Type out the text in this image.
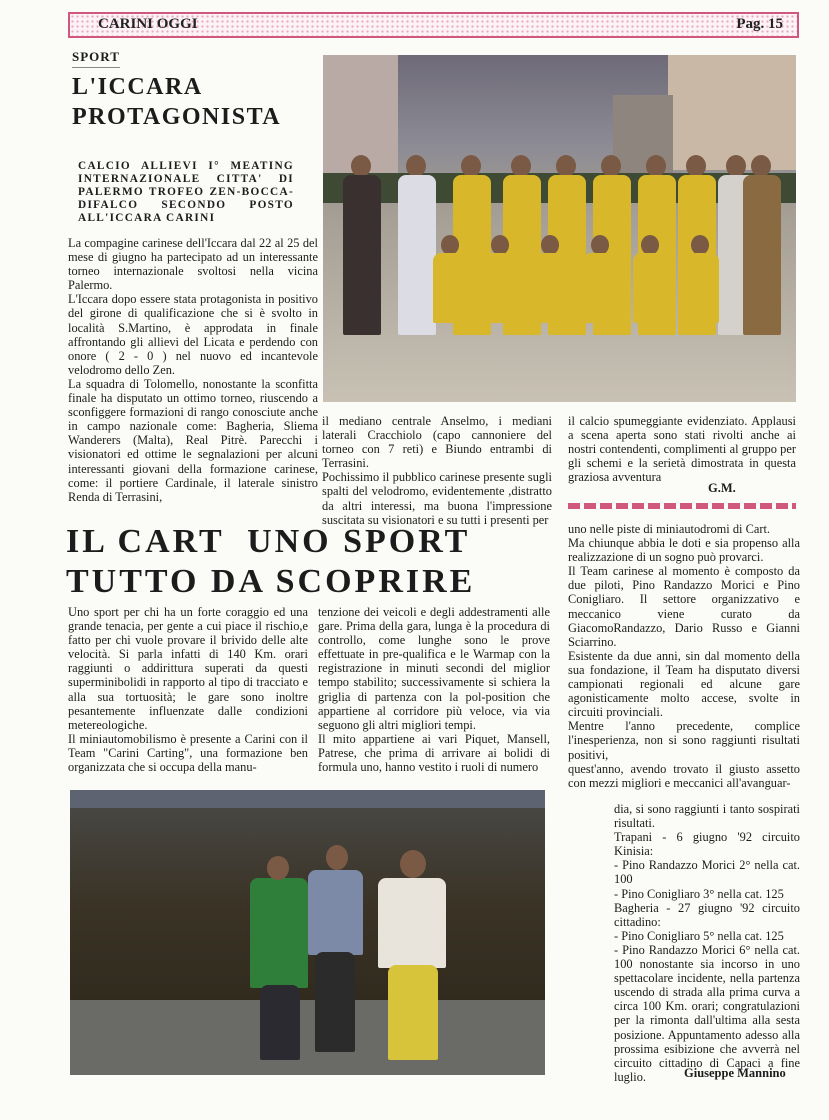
CARINI OGGI	Pag. 15
SPORT
L'ICCARA
PROTAGONISTA
CALCIO ALLIEVI I° MEATING INTERNAZIONALE CITTA' DI PALERMO TROFEO ZEN-BOCCA-DIFALCO SECONDO POSTO ALL'ICCARA CARINI

La compagine carinese dell'Iccara dal 22 al 25 del mese di giugno ha partecipato ad un interessante torneo internazionale svoltosi nella vicina Palermo.

L'Iccara dopo essere stata protagonista in positivo del girone di qualificazione che si è svolto in località S.Martino, è approdata in finale affrontando gli allievi del Licata e perdendo con onore ( 2 - 0 ) nel nuovo ed incantevole velodromo dello Zen.

La squadra di Tolomello, nonostante la sconfitta finale ha disputato un ottimo torneo, riuscendo a sconfiggere formazioni di rango conosciute anche in campo nazionale come: Bagheria, Sliema Wanderers (Malta), Real Pitrè. Parecchi i visionatori ed ottime le segnalazioni per alcuni interessanti giovani della formazione carinese, come: il portiere Cardinale, il laterale sinistro Renda di Terrasini,

il mediano centrale Anselmo, i mediani laterali Cracchiolo (capo cannoniere del torneo con 7 reti) e Biundo entrambi di Terrasini.

Pochissimo il pubblico carinese presente sugli spalti del velodromo, evidentemente ,distratto da altri interessi, ma buona l'impressione suscitata su visionatori e su tutti i presenti per

il calcio spumeggiante evidenziato. Applausi a scena aperta sono stati rivolti anche ai nostri contendenti, complimenti al gruppo per gli schemi e la serietà dimostrata in questa graziosa avventura

G.M.
IL CART  UNO SPORT
TUTTO DA SCOPRIRE

Uno sport per chi ha un forte coraggio ed una grande tenacia, per gente a cui piace il rischio,e fatto per chi vuole provare il brivido delle alte velocità. Si parla infatti di 140 Km. orari raggiunti o addirittura superati da questi superminibolidi in rapporto al tipo di tracciato e alla sua tortuosità; le gare sono inoltre pesantemente influenzate dalle condizioni metereologiche.

Il miniautomobilismo è presente a Carini con il Team "Carini Carting", una formazione ben organizzata che si occupa della manu-

tenzione dei veicoli e degli addestramenti alle gare. Prima della gara, lunga è la procedura di controllo, come lunghe sono le prove effettuate in pre-qualifica e le Warmap con la registrazione in minuti secondi del miglior tempo stabilito; successivamente si schiera la griglia di partenza con la pol-position che appartiene al corridore più veloce, via via seguono gli altri migliori tempi.

Il mito appartiene ai vari Piquet, Mansell, Patrese, che prima di arrivare ai bolidi di formula uno, hanno vestito i ruoli di numero

uno nelle piste di miniautodromi di Cart.

Ma chiunque abbia le doti e sia propenso alla realizzazione di un sogno può provarci.

Il Team carinese al momento è composto da due piloti, Pino Randazzo Morici e Pino Conigliaro. Il settore organizzativo e meccanico viene curato da GiacomoRandazzo, Dario Russo e Gianni Sciarrino.

Esistente da due anni, sin dal momento della sua fondazione, il Team ha disputato diversi campionati regionali ed alcune gare agonisticamente molto accese, svolte in circuiti provinciali.

Mentre l'anno precedente, complice l'inesperienza, non si sono raggiunti risultati positivi,

quest'anno, avendo trovato il giusto assetto con mezzi migliori e meccanici all'avanguar-

dia, si sono raggiunti i tanto sospirati risultati.

Trapani - 6 giugno '92 circuito Kinisia:

- Pino Randazzo Morici 2° nella cat. 100

- Pino Conigliaro 3° nella cat. 125

Bagheria - 27 giugno '92 circuito cittadino:

- Pino Conigliaro 5° nella cat. 125

- Pino Randazzo Morici 6° nella cat. 100 nonostante sia incorso in uno spettacolare incidente, nella partenza uscendo di strada alla prima curva a circa 100 Km. orari; congratulazioni per la rimonta dall'ultima alla sesta posizione. Appuntamento adesso alla prossima esibizione che avverrà nel circuito cittadino di Capaci a fine luglio.	Giuseppe Mannino
